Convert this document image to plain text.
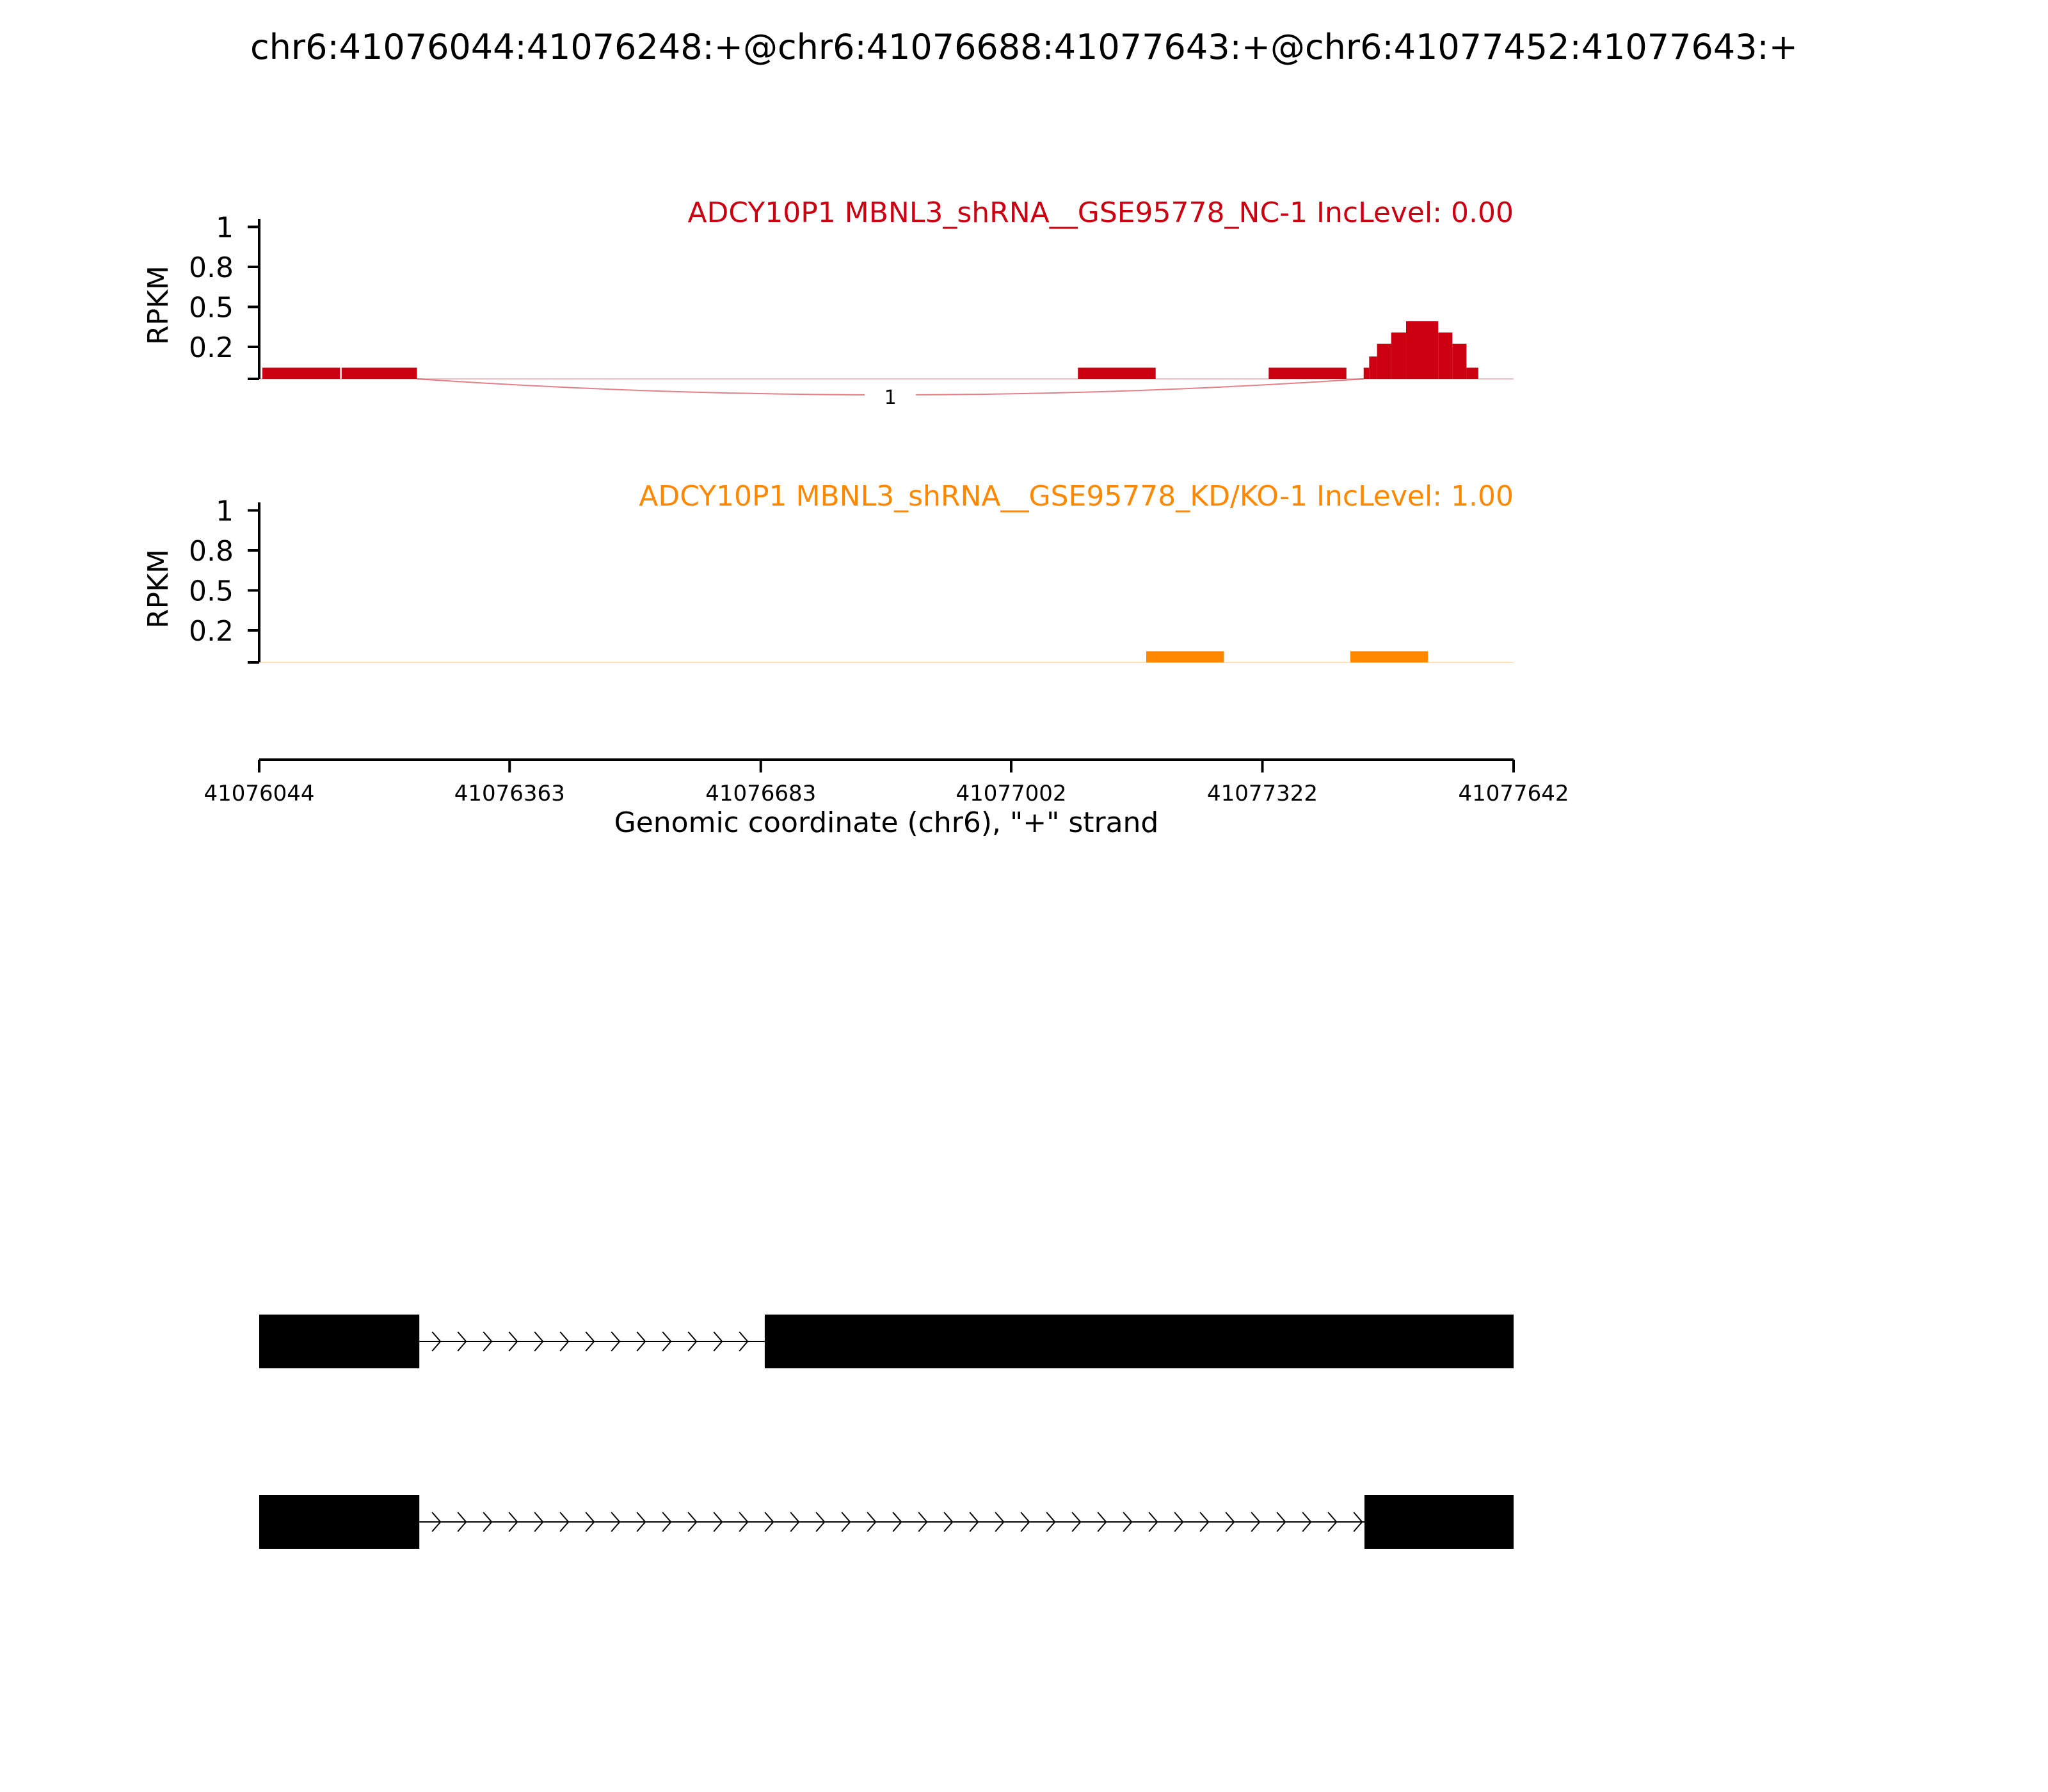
chr6:41076044:41076248:+@chr6:41076688:41077643:+@chr6:41077452:41077643:+
0.2
0.5
0.8
1
RPKM
1
ADCY10P1 MBNL3_shRNA__GSE95778_NC-1 IncLevel: 0.00
0.2
0.5
0.8
1
RPKM
ADCY10P1 MBNL3_shRNA__GSE95778_KD/KO-1 IncLevel: 1.00
41076044	41076363	41076683	41077002	41077322	41077642
Genomic coordinate (chr6), "+" strand
